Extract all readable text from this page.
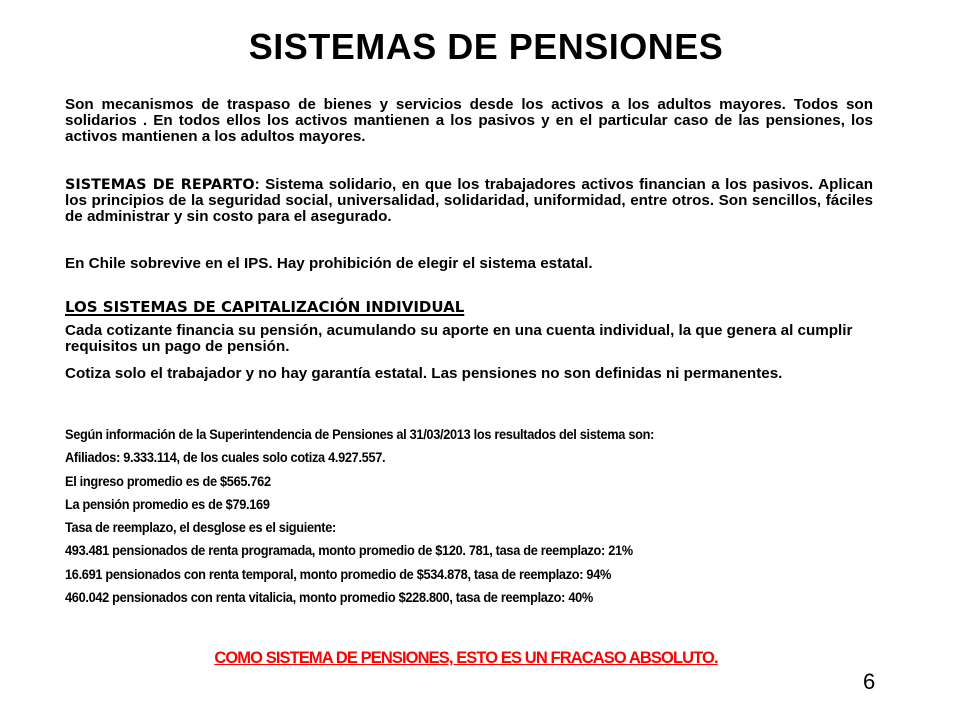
SISTEMAS DE PENSIONES

Son mecanismos de traspaso de bienes y servicios desde los activos a los adultos mayores. Todos son solidarios . En todos ellos los activos mantienen a los pasivos y en el particular caso de las pensiones, los activos mantienen a los adultos mayores.

SISTEMAS DE REPARTO: Sistema solidario, en que los trabajadores activos financian a los pasivos. Aplican los principios de la seguridad social, universalidad, solidaridad, uniformidad, entre otros. Son sencillos, fáciles de administrar y sin costo para el asegurado.

En Chile sobrevive en el IPS. Hay prohibición de elegir el sistema estatal.

LOS SISTEMAS DE CAPITALIZACIÓN INDIVIDUAL

Cada cotizante financia su pensión, acumulando su aporte en una cuenta individual, la que genera al cumplir requisitos un pago de pensión.

Cotiza solo el trabajador y no hay garantía estatal. Las pensiones no son definidas ni permanentes.

Según información de la Superintendencia de Pensiones al 31/03/2013 los resultados del sistema son:
Afiliados: 9.333.114, de los cuales solo cotiza 4.927.557.
El ingreso promedio es de $565.762
La pensión promedio es de $79.169
Tasa de reemplazo, el desglose es el siguiente:
493.481 pensionados de renta programada, monto promedio de $120. 781, tasa de reemplazo: 21%
16.691 pensionados con renta temporal, monto promedio de $534.878, tasa de reemplazo: 94%
460.042 pensionados con renta vitalicia, monto promedio $228.800, tasa de reemplazo: 40%

COMO SISTEMA DE PENSIONES, ESTO ES UN FRACASO ABSOLUTO.

6
